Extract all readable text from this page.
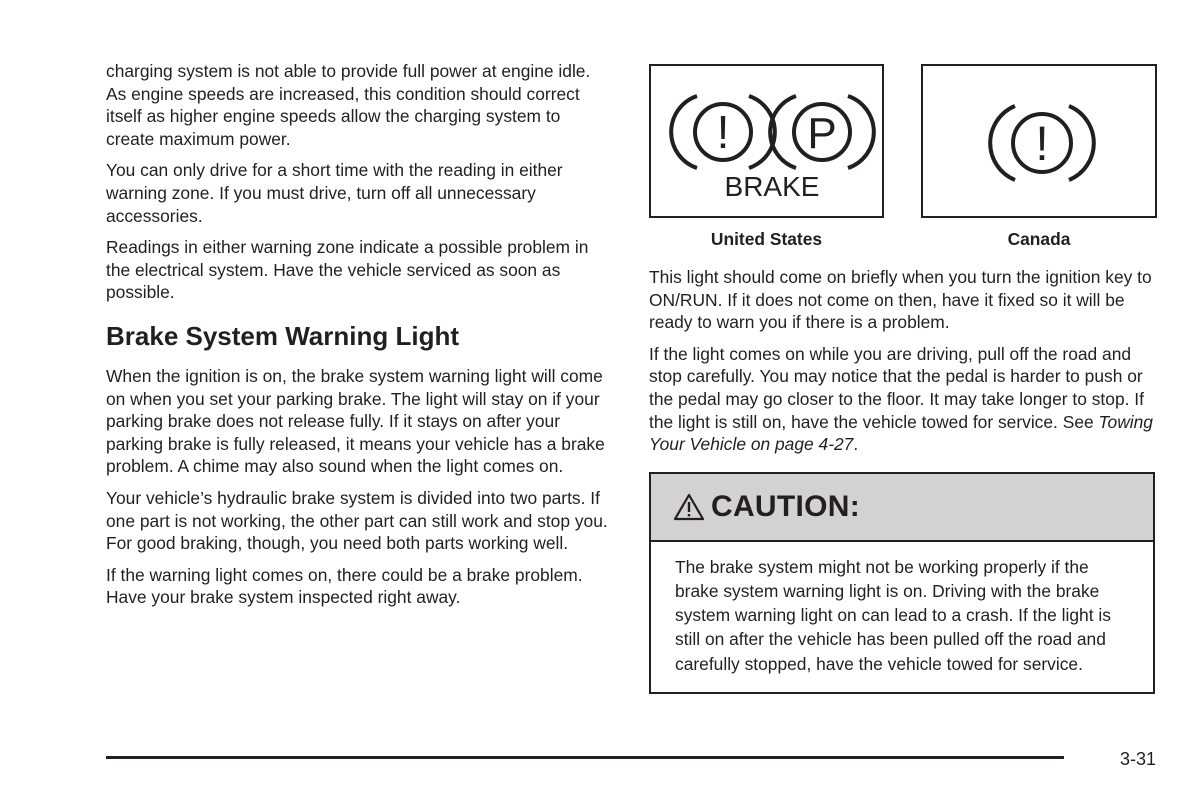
charging system is not able to provide full power at engine idle. As engine speeds are increased, this condition should correct itself as higher engine speeds allow the charging system to create maximum power.

You can only drive for a short time with the reading in either warning zone. If you must drive, turn off all unnecessary accessories.

Readings in either warning zone indicate a possible problem in the electrical system. Have the vehicle serviced as soon as possible.

Brake System Warning Light

When the ignition is on, the brake system warning light will come on when you set your parking brake. The light will stay on if your parking brake does not release fully. If it stays on after your parking brake is fully released, it means your vehicle has a brake problem. A chime may also sound when the light comes on.

Your vehicle’s hydraulic brake system is divided into two parts. If one part is not working, the other part can still work and stop you. For good braking, though, you need both parts working well.

If the warning light comes on, there could be a brake problem. Have your brake system inspected right away.

! P
BRAKE
United States
!
Canada

This light should come on briefly when you turn the ignition key to ON/RUN. If it does not come on then, have it fixed so it will be ready to warn you if there is a problem.

If the light comes on while you are driving, pull off the road and stop carefully. You may notice that the pedal is harder to push or the pedal may go closer to the floor. It may take longer to stop. If the light is still on, have the vehicle towed for service. See Towing Your Vehicle on page 4-27.

CAUTION:
The brake system might not be working properly if the brake system warning light is on. Driving with the brake system warning light on can lead to a crash. If the light is still on after the vehicle has been pulled off the road and carefully stopped, have the vehicle towed for service.
3-31
